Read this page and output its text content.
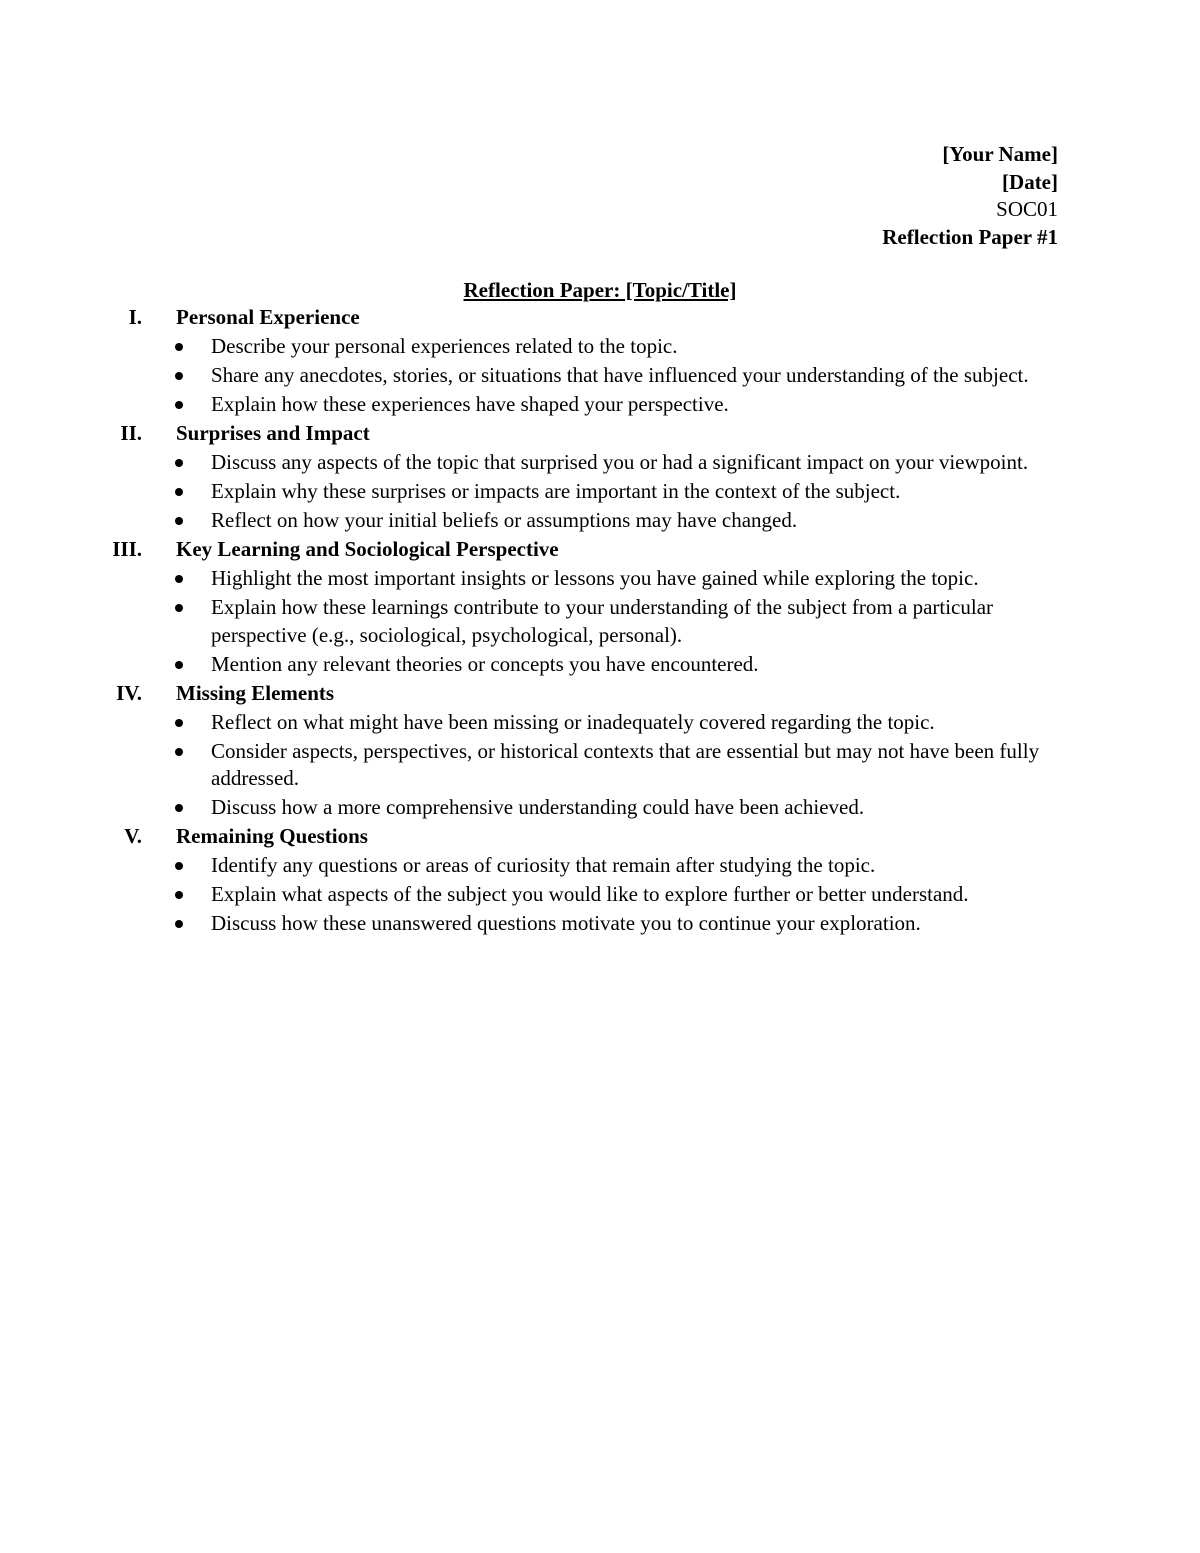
[Your Name]
[Date]
SOC01
Reflection Paper #1
Reflection Paper: [Topic/Title]
I. Personal Experience
Describe your personal experiences related to the topic.
Share any anecdotes, stories, or situations that have influenced your understanding of the subject.
Explain how these experiences have shaped your perspective.
II. Surprises and Impact
Discuss any aspects of the topic that surprised you or had a significant impact on your viewpoint.
Explain why these surprises or impacts are important in the context of the subject.
Reflect on how your initial beliefs or assumptions may have changed.
III. Key Learning and Sociological Perspective
Highlight the most important insights or lessons you have gained while exploring the topic.
Explain how these learnings contribute to your understanding of the subject from a particular perspective (e.g., sociological, psychological, personal).
Mention any relevant theories or concepts you have encountered.
IV. Missing Elements
Reflect on what might have been missing or inadequately covered regarding the topic.
Consider aspects, perspectives, or historical contexts that are essential but may not have been fully addressed.
Discuss how a more comprehensive understanding could have been achieved.
V. Remaining Questions
Identify any questions or areas of curiosity that remain after studying the topic.
Explain what aspects of the subject you would like to explore further or better understand.
Discuss how these unanswered questions motivate you to continue your exploration.
